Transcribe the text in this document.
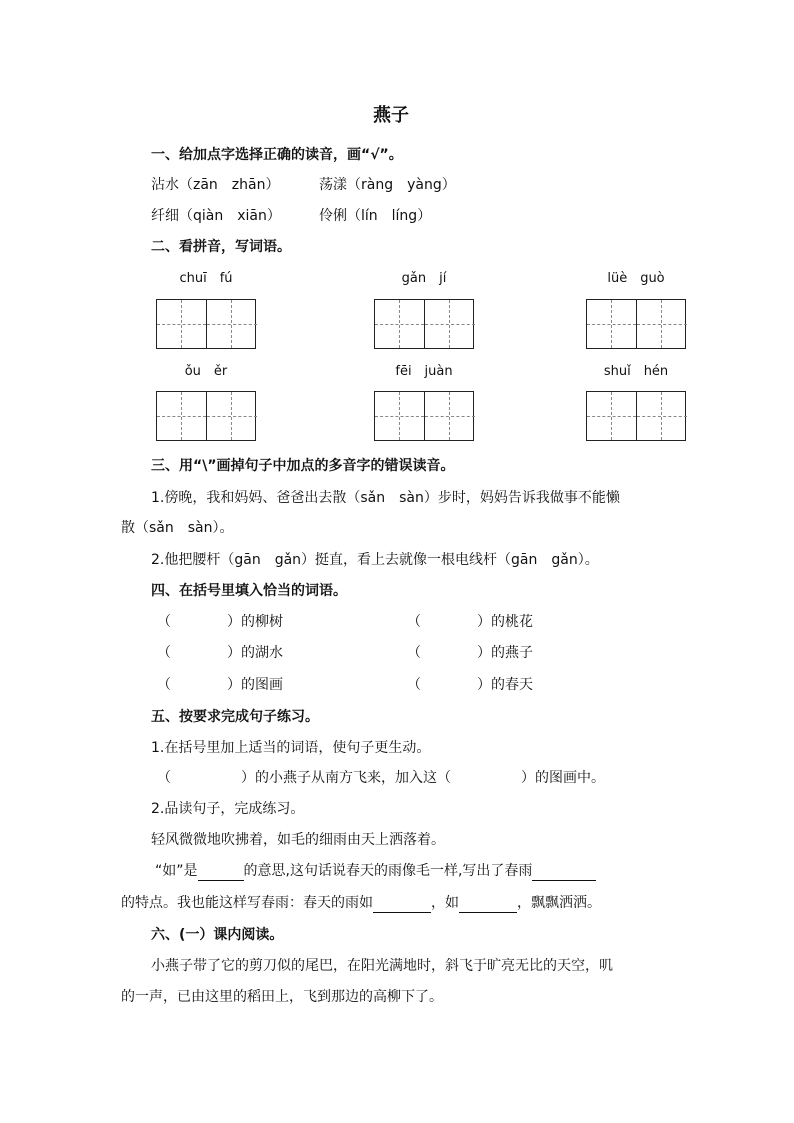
燕子
一、给加点字选择正确的读音，画“√”。
沾水（zān　zhān）	荡漾（ràng　yàng）
纤细（qiàn　xiān）	伶俐（lín　líng）
二、看拼音，写词语。
chuī　fú	gǎn　jí	lüè　guò
ǒu　ěr	fēi　juàn	shuǐ　hén
三、用“\”画掉句子中加点的多音字的错误读音。
1.傍晚，我和妈妈、爸爸出去散（sǎn　sàn）步时，妈妈告诉我做事不能懒
散（sǎn　sàn）。
2.他把腰杆（gān　gǎn）挺直，看上去就像一根电线杆（gān　gǎn）。
四、在括号里填入恰当的词语。
（　　　　）的柳树	（　　　　）的桃花
（　　　　）的湖水	（　　　　）的燕子
（　　　　）的图画	（　　　　）的春天
五、按要求完成句子练习。
1.在括号里加上适当的词语，使句子更生动。
（　　　　　）的小燕子从南方飞来，加入这（　　　　　）的图画中。
2.品读句子，完成练习。
轻风微微地吹拂着，如毛的细雨由天上洒落着。
“如”是	的意思,这句话说春天的雨像毛一样,写出了春雨
的特点。我也能这样写春雨：春天的雨如	，如	，飘飘洒洒。
六、(一）课内阅读。
小燕子带了它的剪刀似的尾巴，在阳光满地时，斜飞于旷亮无比的天空，叽
的一声，已由这里的稻田上，飞到那边的高柳下了。
